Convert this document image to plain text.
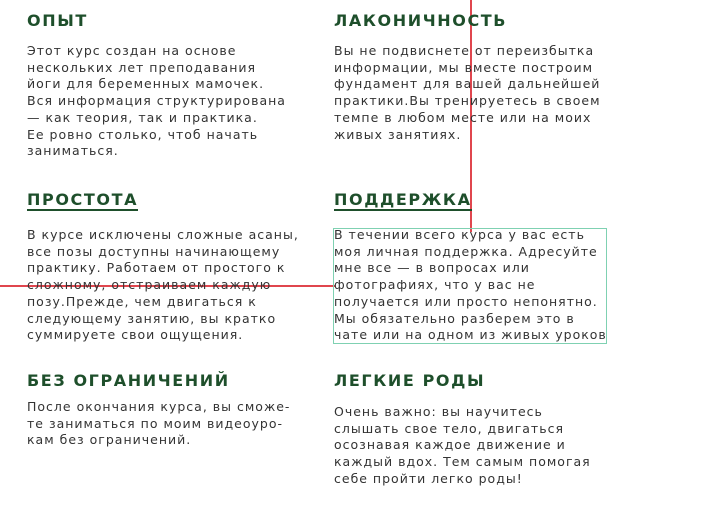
ОПЫТ

Этот курс создан на основе
нескольких лет преподавания
йоги для беременных мамочек.
Вся информация структурирована
— как теория, так и практика.
Ее ровно столько, чтоб начать
заниматься.

ЛАКОНИЧНОСТЬ

Вы не подвиснете от переизбытка
информации, мы вместе построим
фундамент для вашей дальнейшей
практики.Вы тренируетесь в своем
темпе в любом месте или на моих
живых занятиях.

ПРОСТОТА

В курсе исключены сложные асаны,
все позы доступны начинающему
практику. Работаем от простого к
сложному, отстраиваем каждую
позу.Прежде, чем двигаться к
следующему занятию, вы кратко
суммируете свои ощущения.

ПОДДЕРЖКА

В течении всего курса у вас есть
моя личная поддержка. Адресуйте
мне все — в вопросах или
фотографиях, что у вас не
получается или просто непонятно.
Мы обязательно разберем это в
чате или на одном из живых уроков

БЕЗ ОГРАНИЧЕНИЙ

После окончания курса, вы сможе-
те заниматься по моим видеоуро-
кам без ограничений.

ЛЕГКИЕ РОДЫ

Очень важно: вы научитесь
слышать свое тело, двигаться
осознавая каждое движение и
каждый вдох. Тем самым помогая
себе пройти легко роды!
